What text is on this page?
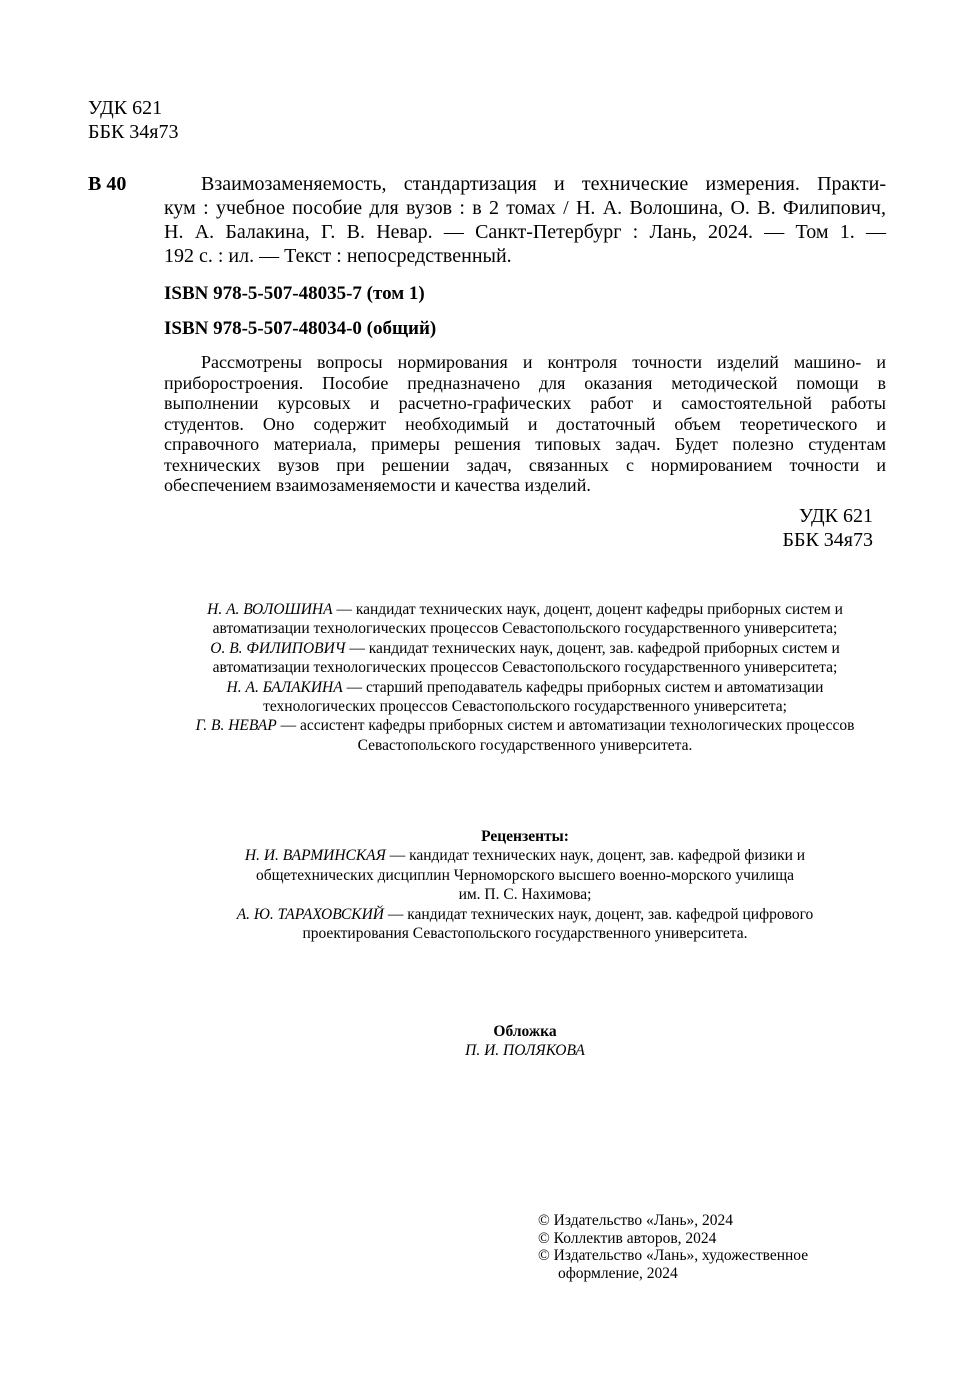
УДК 621
ББК 34я73
В 40	Взаимозаменяемость, стандартизация и технические измерения. Практи-
кум : учебное пособие для вузов : в 2 томах / Н. А. Волошина, О. В. Филипович,
Н. А. Балакина, Г. В. Невар. — Санкт-Петербург : Лань, 2024. — Том 1. —
192 с. : ил. — Текст : непосредственный.
ISBN 978-5-507-48035-7 (том 1)
ISBN 978-5-507-48034-0 (общий)
Рассмотрены вопросы нормирования и контроля точности изделий машино- и
приборостроения. Пособие предназначено для оказания методической помощи в
выполнении курсовых и расчетно-графических работ и самостоятельной работы
студентов. Оно содержит необходимый и достаточный объем теоретического и
справочного материала, примеры решения типовых задач. Будет полезно студентам
технических вузов при решении задач, связанных с нормированием точности и
обеспечением взаимозаменяемости и качества изделий.
УДК 621
ББК 34я73
Н. А. ВОЛОШИНА — кандидат технических наук, доцент, доцент кафедры приборных систем и
автоматизации технологических процессов Севастопольского государственного университета;
О. В. ФИЛИПОВИЧ — кандидат технических наук, доцент, зав. кафедрой приборных систем и
автоматизации технологических процессов Севастопольского государственного университета;
Н. А. БАЛАКИНА — старший преподаватель кафедры приборных систем и автоматизации
технологических процессов Севастопольского государственного университета;
Г. В. НЕВАР — ассистент кафедры приборных систем и автоматизации технологических процессов
Севастопольского государственного университета.
Рецензенты:
Н. И. ВАРМИНСКАЯ — кандидат технических наук, доцент, зав. кафедрой физики и
общетехнических дисциплин Черноморского высшего военно-морского училища
им. П. С. Нахимова;
А. Ю. ТАРАХОВСКИЙ — кандидат технических наук, доцент, зав. кафедрой цифрового
проектирования Севастопольского государственного университета.
Обложка
П. И. ПОЛЯКОВА
© Издательство «Лань», 2024
© Коллектив авторов, 2024
© Издательство «Лань», художественное
оформление, 2024
